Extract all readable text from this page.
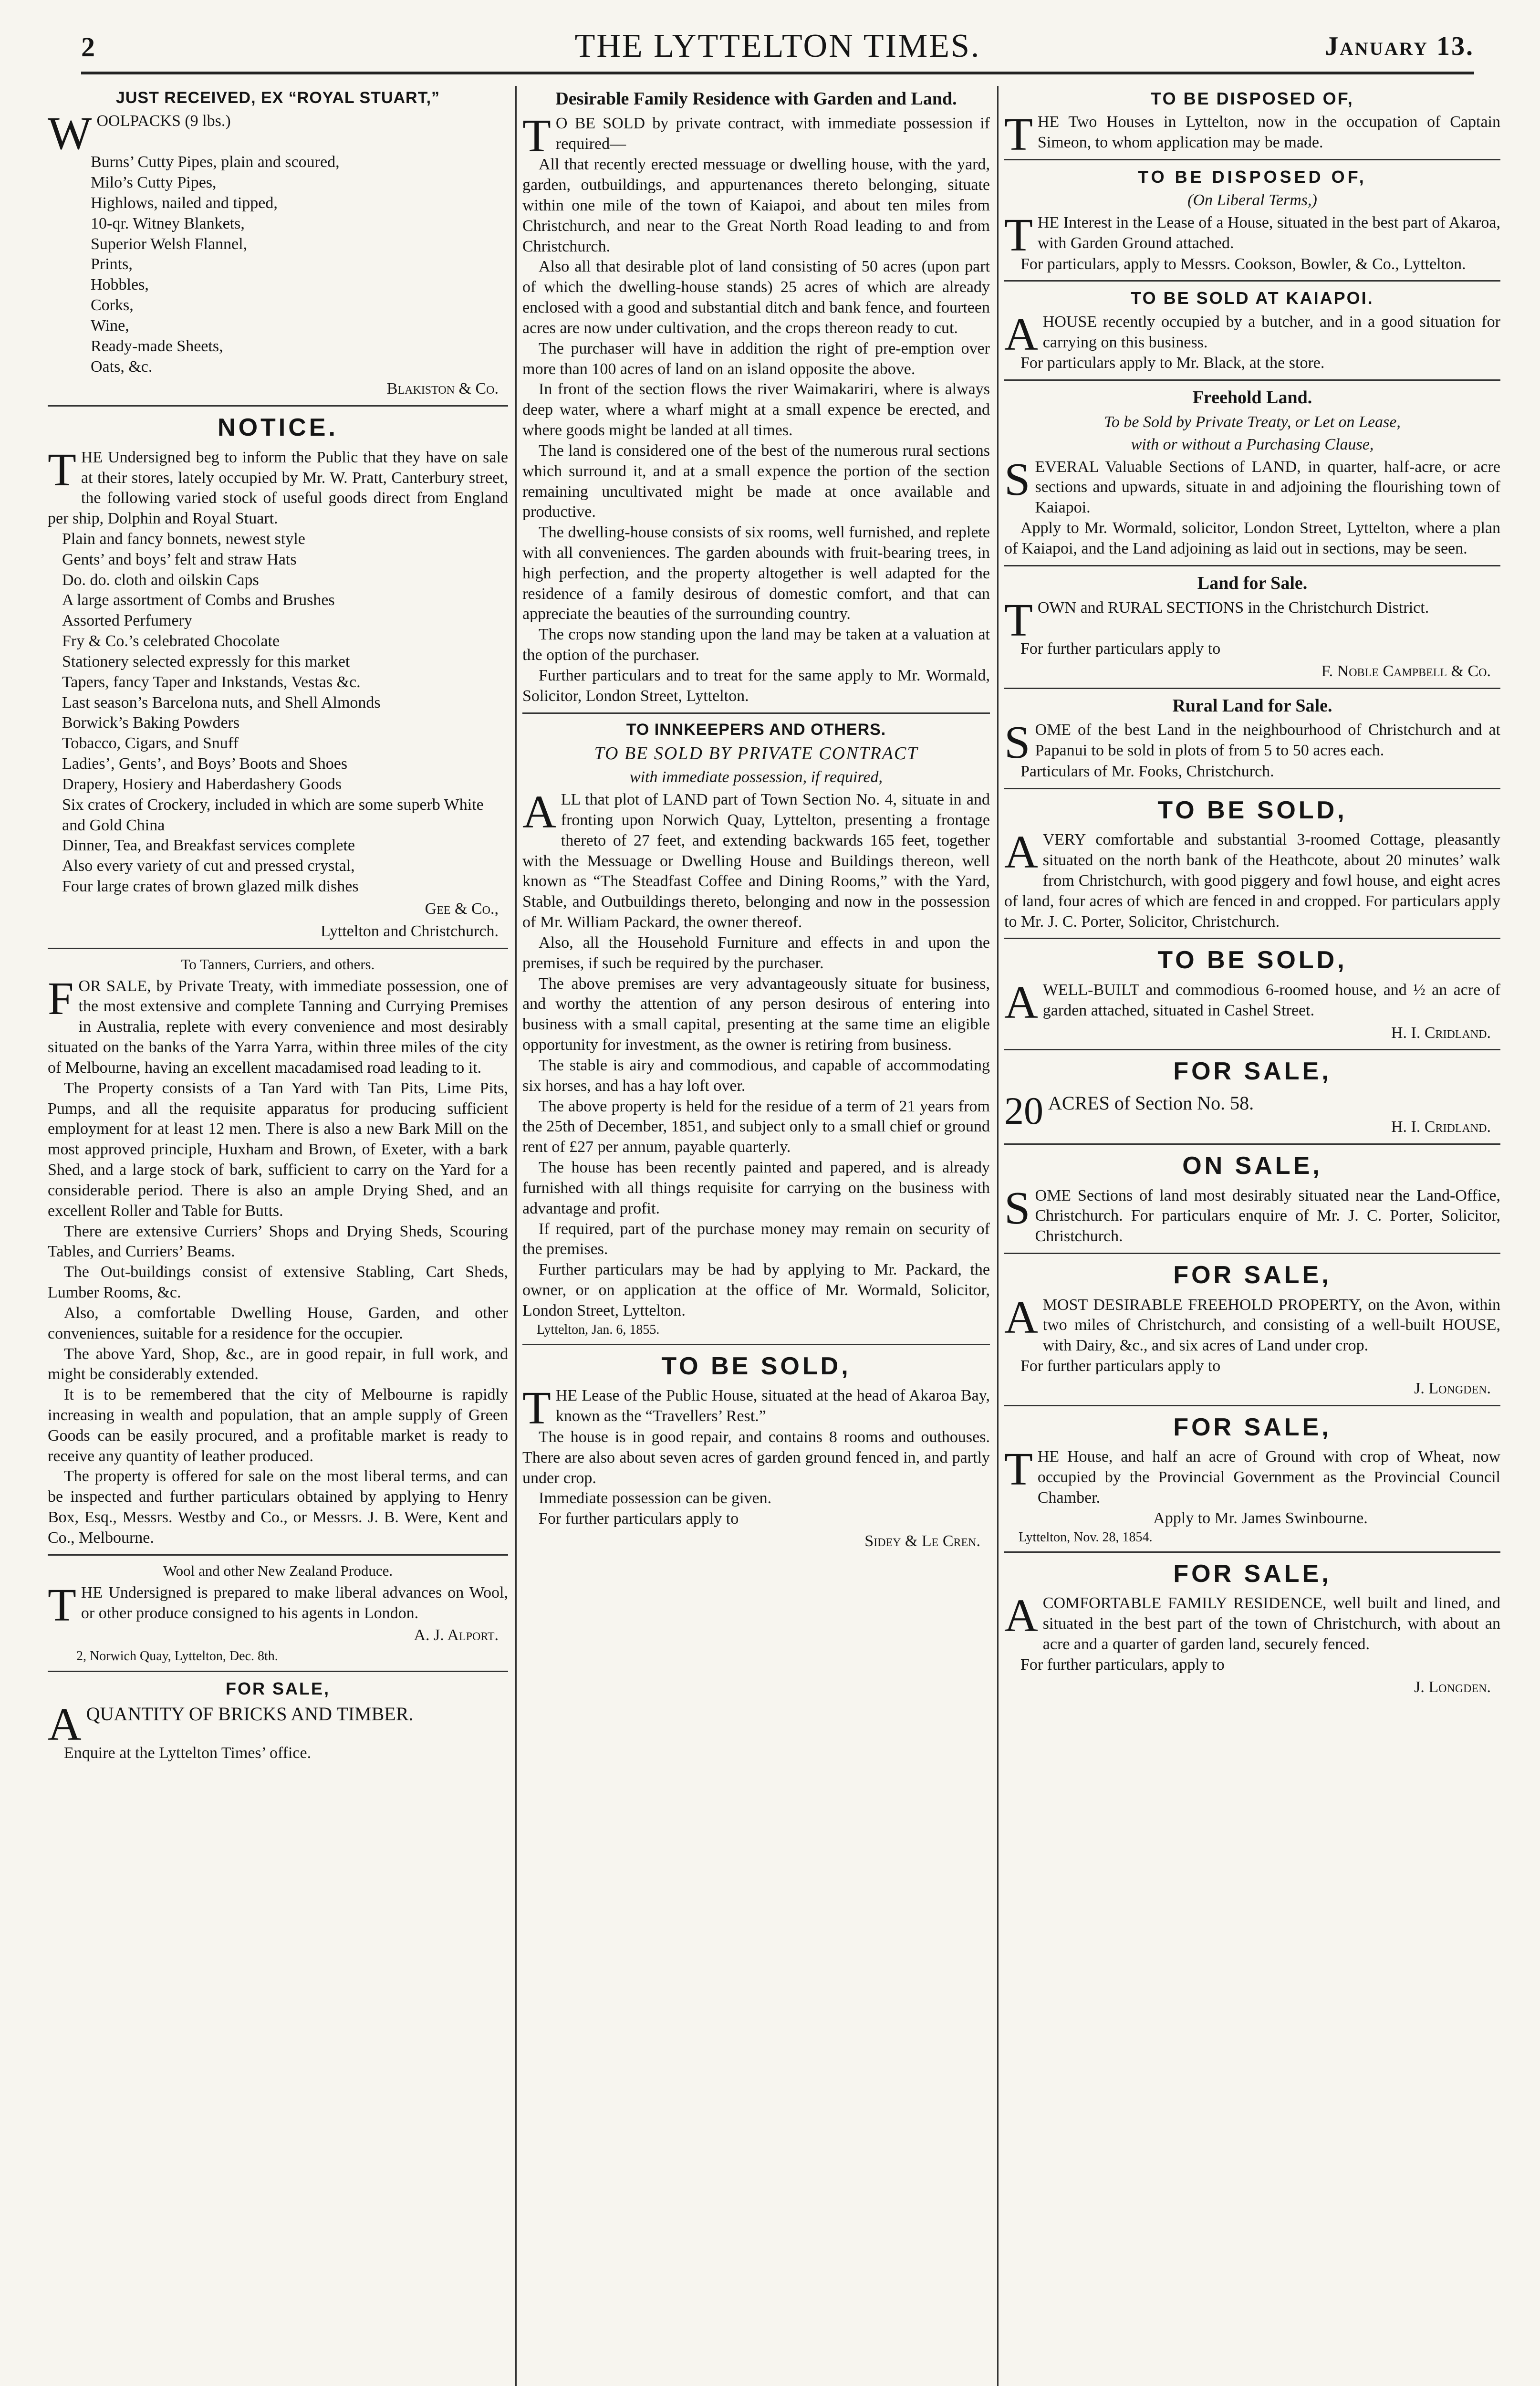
2	THE LYTTELTON TIMES.	January 13.
JUST RECEIVED, EX “ROYAL STUART,”
WOOLPACKS (9 lbs.)
Burns’ Cutty Pipes, plain and scoured,
Milo’s Cutty Pipes,
Highlows, nailed and tipped,
10-qr. Witney Blankets,
Superior Welsh Flannel,
Prints,
Hobbles,
Corks,
Wine,
Ready-made Sheets,
Oats, &c.
Blakiston & Co.
NOTICE.

THE Undersigned beg to inform the Public that they have on sale at their stores, lately occupied by Mr. W. Pratt, Canterbury street, the following varied stock of useful goods direct from England per ship, Dolphin and Royal Stuart.

Plain and fancy bonnets, newest style
Gents’ and boys’ felt and straw Hats
Do. do. cloth and oilskin Caps
A large assortment of Combs and Brushes
Assorted Perfumery
Fry & Co.’s celebrated Chocolate
Stationery selected expressly for this market
Tapers, fancy Taper and Inkstands, Vestas &c.
Last season’s Barcelona nuts, and Shell Almonds
Borwick’s Baking Powders
Tobacco, Cigars, and Snuff
Ladies’, Gents’, and Boys’ Boots and Shoes
Drapery, Hosiery and Haberdashery Goods
Six crates of Crockery, included in which are some superb White and Gold China
Dinner, Tea, and Breakfast services complete
Also every variety of cut and pressed crystal,
Four large crates of brown glazed milk dishes
Gee & Co.,
Lyttelton and Christchurch.
To Tanners, Curriers, and others.

FOR SALE, by Private Treaty, with immediate possession, one of the most extensive and complete Tanning and Currying Premises in Australia, replete with every convenience and most desirably situated on the banks of the Yarra Yarra, within three miles of the city of Melbourne, having an excellent macadamised road leading to it.

The Property consists of a Tan Yard with Tan Pits, Lime Pits, Pumps, and all the requisite apparatus for producing sufficient employment for at least 12 men. There is also a new Bark Mill on the most approved principle, Huxham and Brown, of Exeter, with a bark Shed, and a large stock of bark, sufficient to carry on the Yard for a considerable period. There is also an ample Drying Shed, and an excellent Roller and Table for Butts.

There are extensive Curriers’ Shops and Drying Sheds, Scouring Tables, and Curriers’ Beams.

The Out-buildings consist of extensive Stabling, Cart Sheds, Lumber Rooms, &c.

Also, a comfortable Dwelling House, Garden, and other conveniences, suitable for a residence for the occupier.

The above Yard, Shop, &c., are in good repair, in full work, and might be considerably extended.

It is to be remembered that the city of Melbourne is rapidly increasing in wealth and population, that an ample supply of Green Goods can be easily procured, and a profitable market is ready to receive any quantity of leather produced.

The property is offered for sale on the most liberal terms, and can be inspected and further particulars obtained by applying to Henry Box, Esq., Messrs. Westby and Co., or Messrs. J. B. Were, Kent and Co., Melbourne.

Wool and other New Zealand Produce.

THE Undersigned is prepared to make liberal advances on Wool, or other produce consigned to his agents in London.

A. J. Alport.
2, Norwich Quay, Lyttelton, Dec. 8th.
FOR SALE,

AQUANTITY OF BRICKS AND TIMBER.

Enquire at the Lyttelton Times’ office.

Desirable Family Residence with Garden and Land.

T O BE SOLD by private contract, with immediate possession if required—

All that recently erected messuage or dwelling house, with the yard, garden, outbuildings, and appurtenances thereto belonging, situate within one mile of the town of Kaiapoi, and about ten miles from Christchurch, and near to the Great North Road leading to and from Christchurch.

Also all that desirable plot of land consisting of 50 acres (upon part of which the dwelling-house stands) 25 acres of which are already enclosed with a good and substantial ditch and bank fence, and fourteen acres are now under cultivation, and the crops thereon ready to cut.

The purchaser will have in addition the right of pre-emption over more than 100 acres of land on an island opposite the above.

In front of the section flows the river Waimakariri, where is always deep water, where a wharf might at a small expence be erected, and where goods might be landed at all times.

The land is considered one of the best of the numerous rural sections which surround it, and at a small expence the portion of the section remaining uncultivated might be made at once available and productive.

The dwelling-house consists of six rooms, well furnished, and replete with all conveniences. The garden abounds with fruit-bearing trees, in high perfection, and the property altogether is well adapted for the residence of a family desirous of domestic comfort, and that can appreciate the beauties of the surrounding country.

The crops now standing upon the land may be taken at a valuation at the option of the purchaser.

Further particulars and to treat for the same apply to Mr. Wormald, Solicitor, London Street, Lyttelton.

TO INNKEEPERS AND OTHERS.
TO BE SOLD BY PRIVATE CONTRACT
with immediate possession, if required,

ALL that plot of LAND part of Town Section No. 4, situate in and fronting upon Norwich Quay, Lyttelton, presenting a frontage thereto of 27 feet, and extending backwards 165 feet, together with the Messuage or Dwelling House and Buildings thereon, well known as “The Steadfast Coffee and Dining Rooms,” with the Yard, Stable, and Outbuildings thereto, belonging and now in the possession of Mr. William Packard, the owner thereof.

Also, all the Household Furniture and effects in and upon the premises, if such be required by the purchaser.

The above premises are very advantageously situate for business, and worthy the attention of any person desirous of entering into business with a small capital, presenting at the same time an eligible opportunity for investment, as the owner is retiring from business.

The stable is airy and commodious, and capable of accommodating six horses, and has a hay loft over.

The above property is held for the residue of a term of 21 years from the 25th of December, 1851, and subject only to a small chief or ground rent of £27 per annum, payable quarterly.

The house has been recently painted and papered, and is already furnished with all things requisite for carrying on the business with advantage and profit.

If required, part of the purchase money may remain on security of the premises.

Further particulars may be had by applying to Mr. Packard, the owner, or on application at the office of Mr. Wormald, Solicitor, London Street, Lyttelton.

Lyttelton, Jan. 6, 1855.
TO BE SOLD,

THE Lease of the Public House, situated at the head of Akaroa Bay, known as the “Travellers’ Rest.”

The house is in good repair, and contains 8 rooms and outhouses. There are also about seven acres of garden ground fenced in, and partly under crop.

Immediate possession can be given.

For further particulars apply to

Sidey & Le Cren.
TO BE DISPOSED OF,

THE Two Houses in Lyttelton, now in the occupation of Captain Simeon, to whom application may be made.

TO BE DISPOSED OF,
(On Liberal Terms,)

THE Interest in the Lease of a House, situated in the best part of Akaroa, with Garden Ground attached.

For particulars, apply to Messrs. Cookson, Bowler, & Co., Lyttelton.

TO BE SOLD AT KAIAPOI.

AHOUSE recently occupied by a butcher, and in a good situation for carrying on this business.

For particulars apply to Mr. Black, at the store.

Freehold Land.
To be Sold by Private Treaty, or Let on Lease,
with or without a Purchasing Clause,

SEVERAL Valuable Sections of LAND, in quarter, half-acre, or acre sections and upwards, situate in and adjoining the flourishing town of Kaiapoi.

Apply to Mr. Wormald, solicitor, London Street, Lyttelton, where a plan of Kaiapoi, and the Land adjoining as laid out in sections, may be seen.

Land for Sale.

TOWN and RURAL SECTIONS in the Christchurch District.

For further particulars apply to

F. Noble Campbell & Co.
Rural Land for Sale.

SOME of the best Land in the neighbourhood of Christchurch and at Papanui to be sold in plots of from 5 to 50 acres each.

Particulars of Mr. Fooks, Christchurch.

TO BE SOLD,

AVERY comfortable and substantial 3-roomed Cottage, pleasantly situated on the north bank of the Heathcote, about 20 minutes’ walk from Christchurch, with good piggery and fowl house, and eight acres of land, four acres of which are fenced in and cropped. For particulars apply to Mr. J. C. Porter, Solicitor, Christchurch.

TO BE SOLD,

AWELL-BUILT and commodious 6-roomed house, and ½ an acre of garden attached, situated in Cashel Street.

H. I. Cridland.
FOR SALE,

20 ACRES of Section No. 58.

H. I. Cridland.
ON SALE,

SOME Sections of land most desirably situated near the Land-Office, Christchurch. For particulars enquire of Mr. J. C. Porter, Solicitor, Christchurch.

FOR SALE,

AMOST DESIRABLE FREEHOLD PROPERTY, on the Avon, within two miles of Christchurch, and consisting of a well-built HOUSE, with Dairy, &c., and six acres of Land under crop.

For further particulars apply to

J. Longden.
FOR SALE,

THE House, and half an acre of Ground with crop of Wheat, now occupied by the Provincial Government as the Provincial Council Chamber.

Apply to Mr. James Swinbourne.

Lyttelton, Nov. 28, 1854.
FOR SALE,

ACOMFORTABLE FAMILY RESIDENCE, well built and lined, and situated in the best part of the town of Christchurch, with about an acre and a quarter of garden land, securely fenced.

For further particulars, apply to

J. Longden.
